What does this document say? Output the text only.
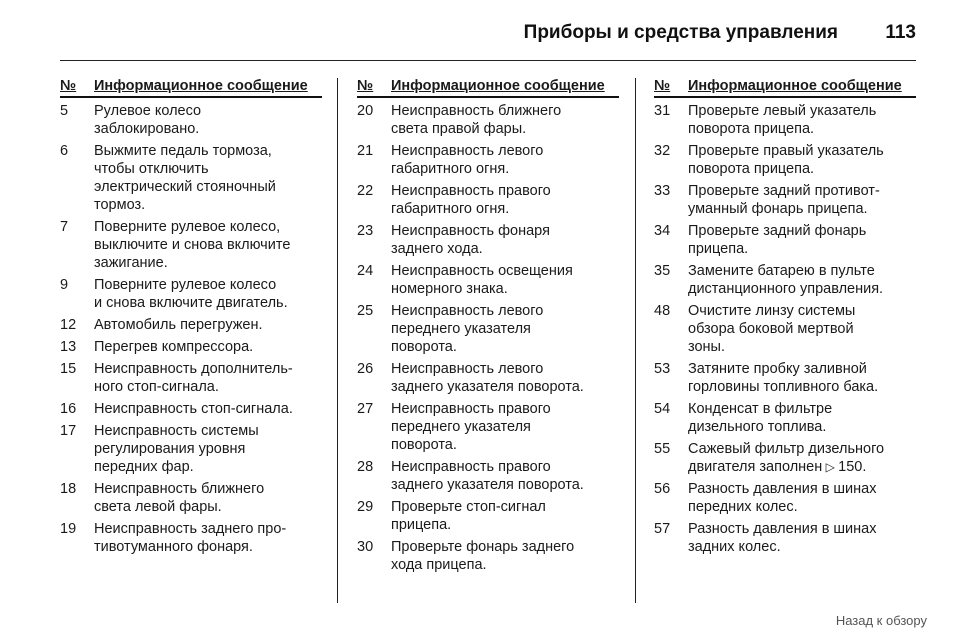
Приборы и средства управления 113
№	Информационное сообщение
5	Рулевое колесо
заблокировано.
6	Выжмите педаль тормоза,
чтобы отключить
электрический стояночный
тормоз.
7	Поверните рулевое колесо,
выключите и снова включите
зажигание.
9	Поверните рулевое колесо
и снова включите двигатель.
12	Автомобиль перегружен.
13	Перегрев компрессора.
15	Неисправность дополнитель-
ного стоп-сигнала.
16	Неисправность стоп-сигнала.
17	Неисправность системы
регулирования уровня
передних фар.
18	Неисправность ближнего
света левой фары.
19	Неисправность заднего про-
тивотуманного фонаря.
№	Информационное сообщение
20	Неисправность ближнего
света правой фары.
21	Неисправность левого
габаритного огня.
22	Неисправность правого
габаритного огня.
23	Неисправность фонаря
заднего хода.
24	Неисправность освещения
номерного знака.
25	Неисправность левого
переднего указателя
поворота.
26	Неисправность левого
заднего указателя поворота.
27	Неисправность правого
переднего указателя
поворота.
28	Неисправность правого
заднего указателя поворота.
29	Проверьте стоп-сигнал
прицепа.
30	Проверьте фонарь заднего
хода прицепа.
№	Информационное сообщение
31	Проверьте левый указатель
поворота прицепа.
32	Проверьте правый указатель
поворота прицепа.
33	Проверьте задний противот-
уманный фонарь прицепа.
34	Проверьте задний фонарь
прицепа.
35	Замените батарею в пульте
дистанционного управления.
48	Очистите линзу системы
обзора боковой мертвой
зоны.
53	Затяните пробку заливной
горловины топливного бака.
54	Конденсат в фильтре
дизельного топлива.
55	Сажевый фильтр дизельного
двигателя заполнен ▷ 150.
56	Разность давления в шинах
передних колес.
57	Разность давления в шинах
задних колес.
Назад к обзору
